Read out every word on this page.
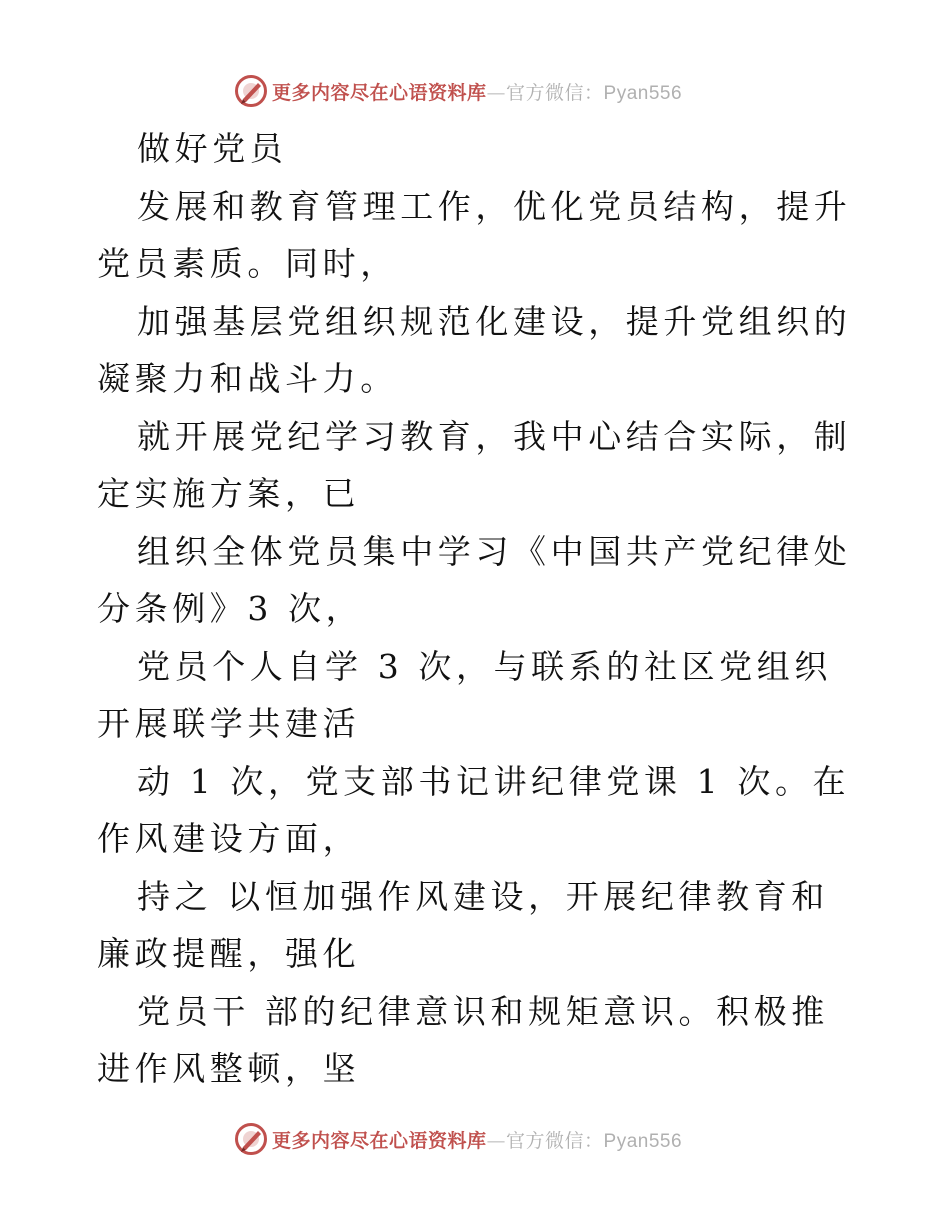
更多内容尽在心语资料库—官方微信：Pyan556

做好党员

发展和教育管理工作，优化党员结构，提升党员素质。同时，

加强基层党组织规范化建设，提升党组织的凝聚力和战斗力。

就开展党纪学习教育，我中心结合实际，制定实施方案，已

组织全体党员集中学习《中国共产党纪律处分条例》3 次，

党员个人自学 3 次，与联系的社区党组织开展联学共建活

动 1 次，党支部书记讲纪律党课 1 次。在作风建设方面，

持之 以恒加强作风建设，开展纪律教育和廉政提醒，强化

党员干 部的纪律意识和规矩意识。积极推进作风整顿，坚

更多内容尽在心语资料库—官方微信：Pyan556
